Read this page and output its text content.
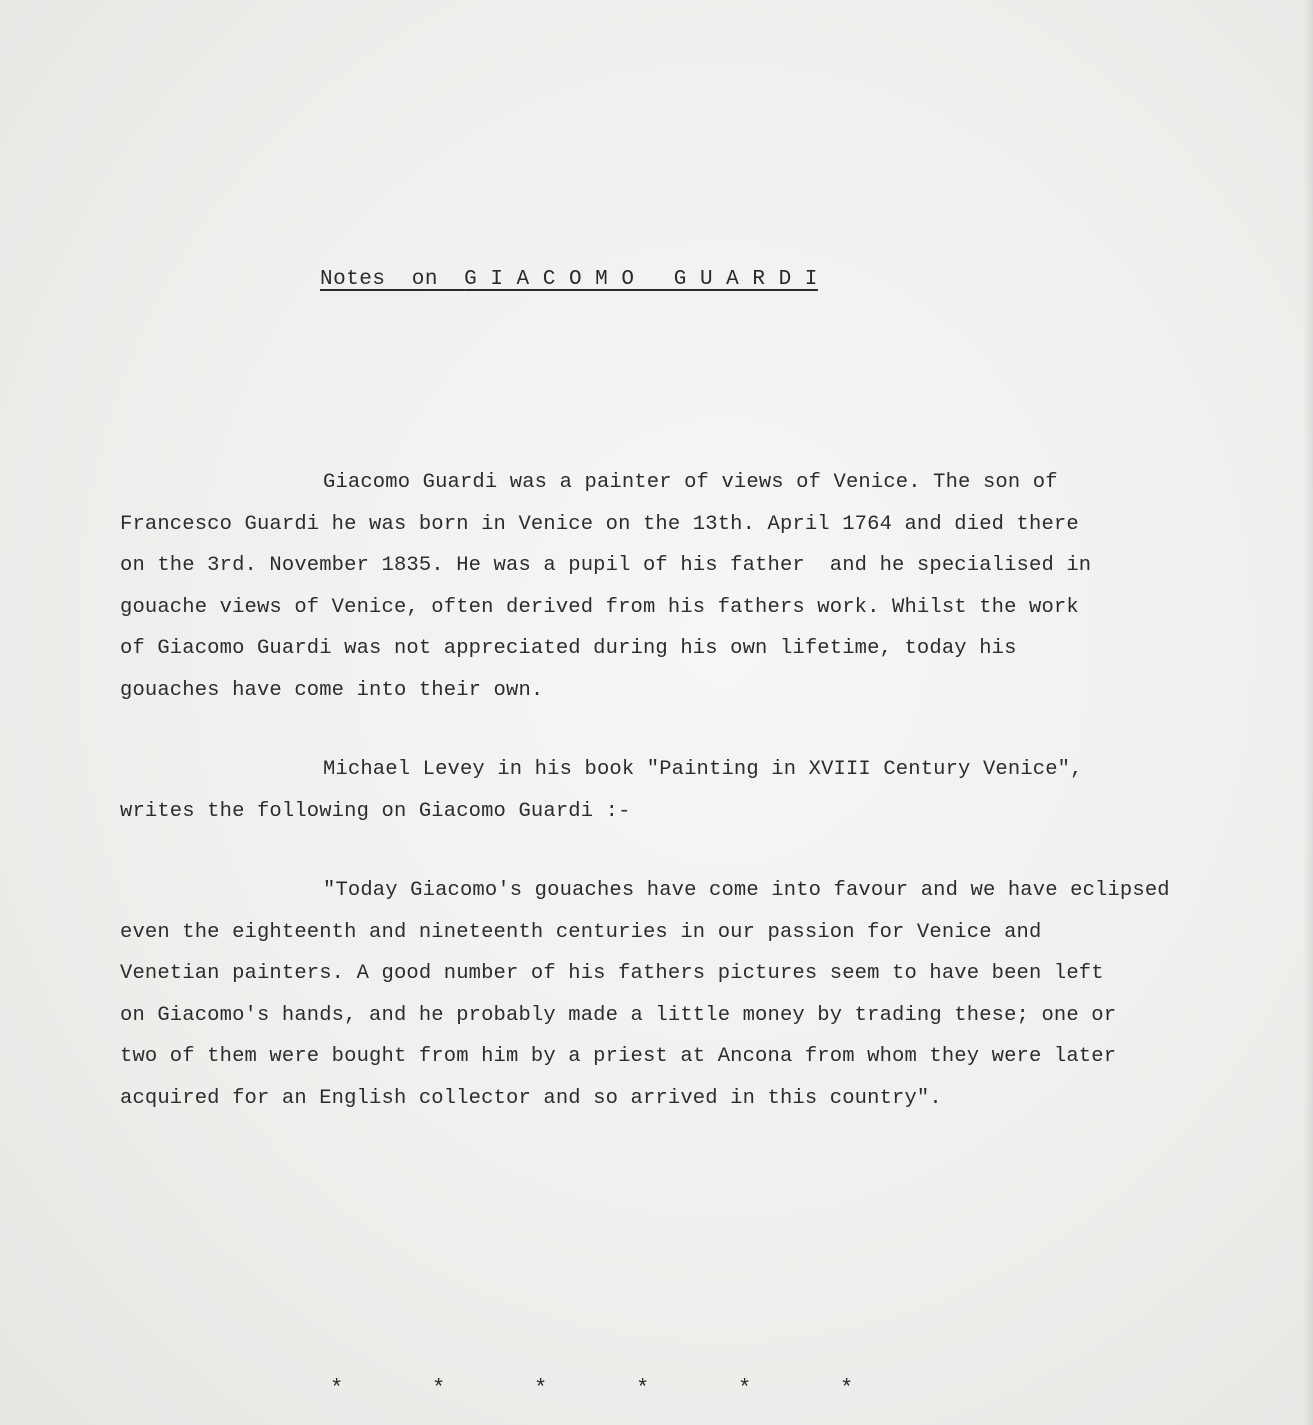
Notes  on G I A C O M O   G U A R D I
Giacomo Guardi was a painter of views of Venice. The son of
Francesco Guardi he was born in Venice on the 13th. April 1764 and died there
on the 3rd. November 1835. He was a pupil of his father  and he specialised in
gouache views of Venice, often derived from his fathers work. Whilst the work
of Giacomo Guardi was not appreciated during his own lifetime, today his
gouaches have come into their own.
Michael Levey in his book "Painting in XVIII Century Venice",
writes the following on Giacomo Guardi :-
"Today Giacomo's gouaches have come into favour and we have eclipsed
even the eighteenth and nineteenth centuries in our passion for Venice and
Venetian painters. A good number of his fathers pictures seem to have been left
on Giacomo's hands, and he probably made a little money by trading these; one or
two of them were bought from him by a priest at Ancona from whom they were later
acquired for an English collector and so arrived in this country".
*	*	*	*	*	*
